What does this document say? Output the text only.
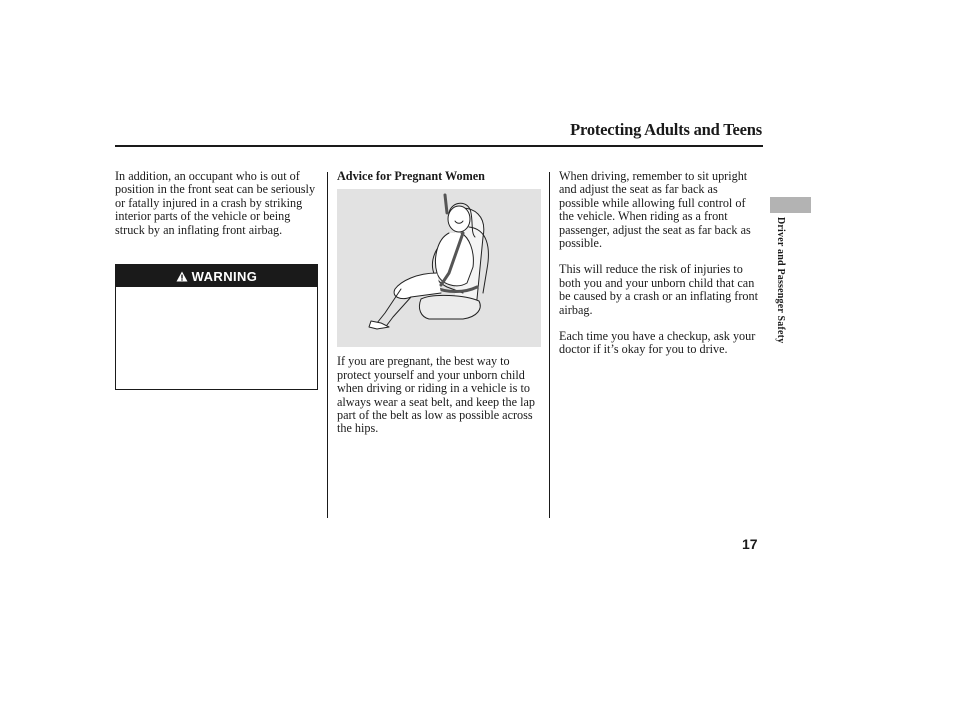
Protecting Adults and Teens

In addition, an occupant who is out of position in the front seat can be seriously or fatally injured in a crash by striking interior parts of the vehicle or being struck by an inflating front airbag.

WARNING

Advice for Pregnant Women

If you are pregnant, the best way to protect yourself and your unborn child when driving or riding in a vehicle is to always wear a seat belt, and keep the lap part of the belt as low as possible across the hips.

When driving, remember to sit upright and adjust the seat as far back as possible while allowing full control of the vehicle. When riding as a front passenger, adjust the seat as far back as possible.

This will reduce the risk of injuries to both you and your unborn child that can be caused by a crash or an inflating front airbag.

Each time you have a checkup, ask your doctor if it’s okay for you to drive.

Driver and Passenger Safety
17
